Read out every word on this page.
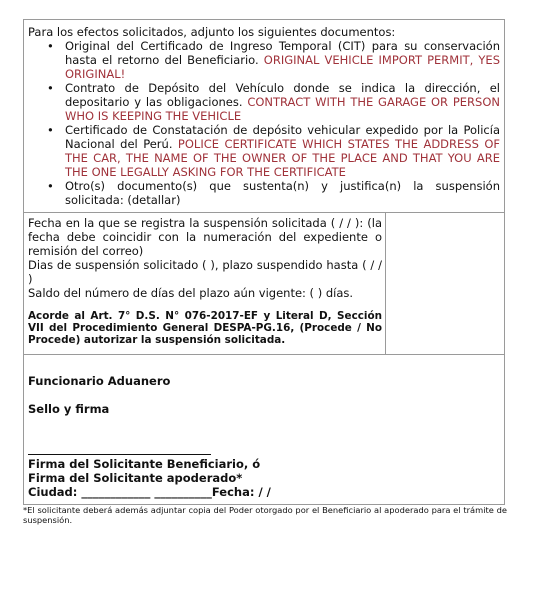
Para los efectos solicitados, adjunto los siguientes documentos:

• Original del Certificado de Ingreso Temporal (CIT) para su conservación hasta el retorno del Beneficiario. ORIGINAL VEHICLE IMPORT PERMIT, YES ORIGINAL!
• Contrato de Depósito del Vehículo donde se indica la dirección, el depositario y las obligaciones. CONTRACT WITH THE GARAGE OR PERSON WHO IS KEEPING THE VEHICLE
• Certificado de Constatación de depósito vehicular expedido por la Policía Nacional del Perú. POLICE CERTIFICATE WHICH STATES THE ADDRESS OF THE CAR, THE NAME OF THE OWNER OF THE PLACE AND THAT YOU ARE THE ONE LEGALLY ASKING FOR THE CERTIFICATE
• Otro(s) documento(s) que sustenta(n) y justifica(n) la suspensión solicitada: (detallar)

Fecha en la que se registra la suspensión solicitada ( / / ): (la fecha debe coincidir con la numeración del expediente o remisión del correo)

Dias de suspensión solicitado ( ), plazo suspendido hasta ( / / )

Saldo del número de días del plazo aún vigente: ( ) días.

Acorde al Art. 7° D.S. N° 076-2017-EF y Literal D, Sección VII del Procedimiento General DESPA-PG.16, (Procede / No Procede) autorizar la suspensión solicitada.

Funcionario Aduanero
Sello y firma
Firma del Solicitante Beneficiario, ó
Firma del Solicitante apoderado*
Ciudad: ____________ __________Fecha: / /
*El solicitante deberá además adjuntar copia del Poder otorgado por el Beneficiario al apoderado para el trámite de suspensión.
